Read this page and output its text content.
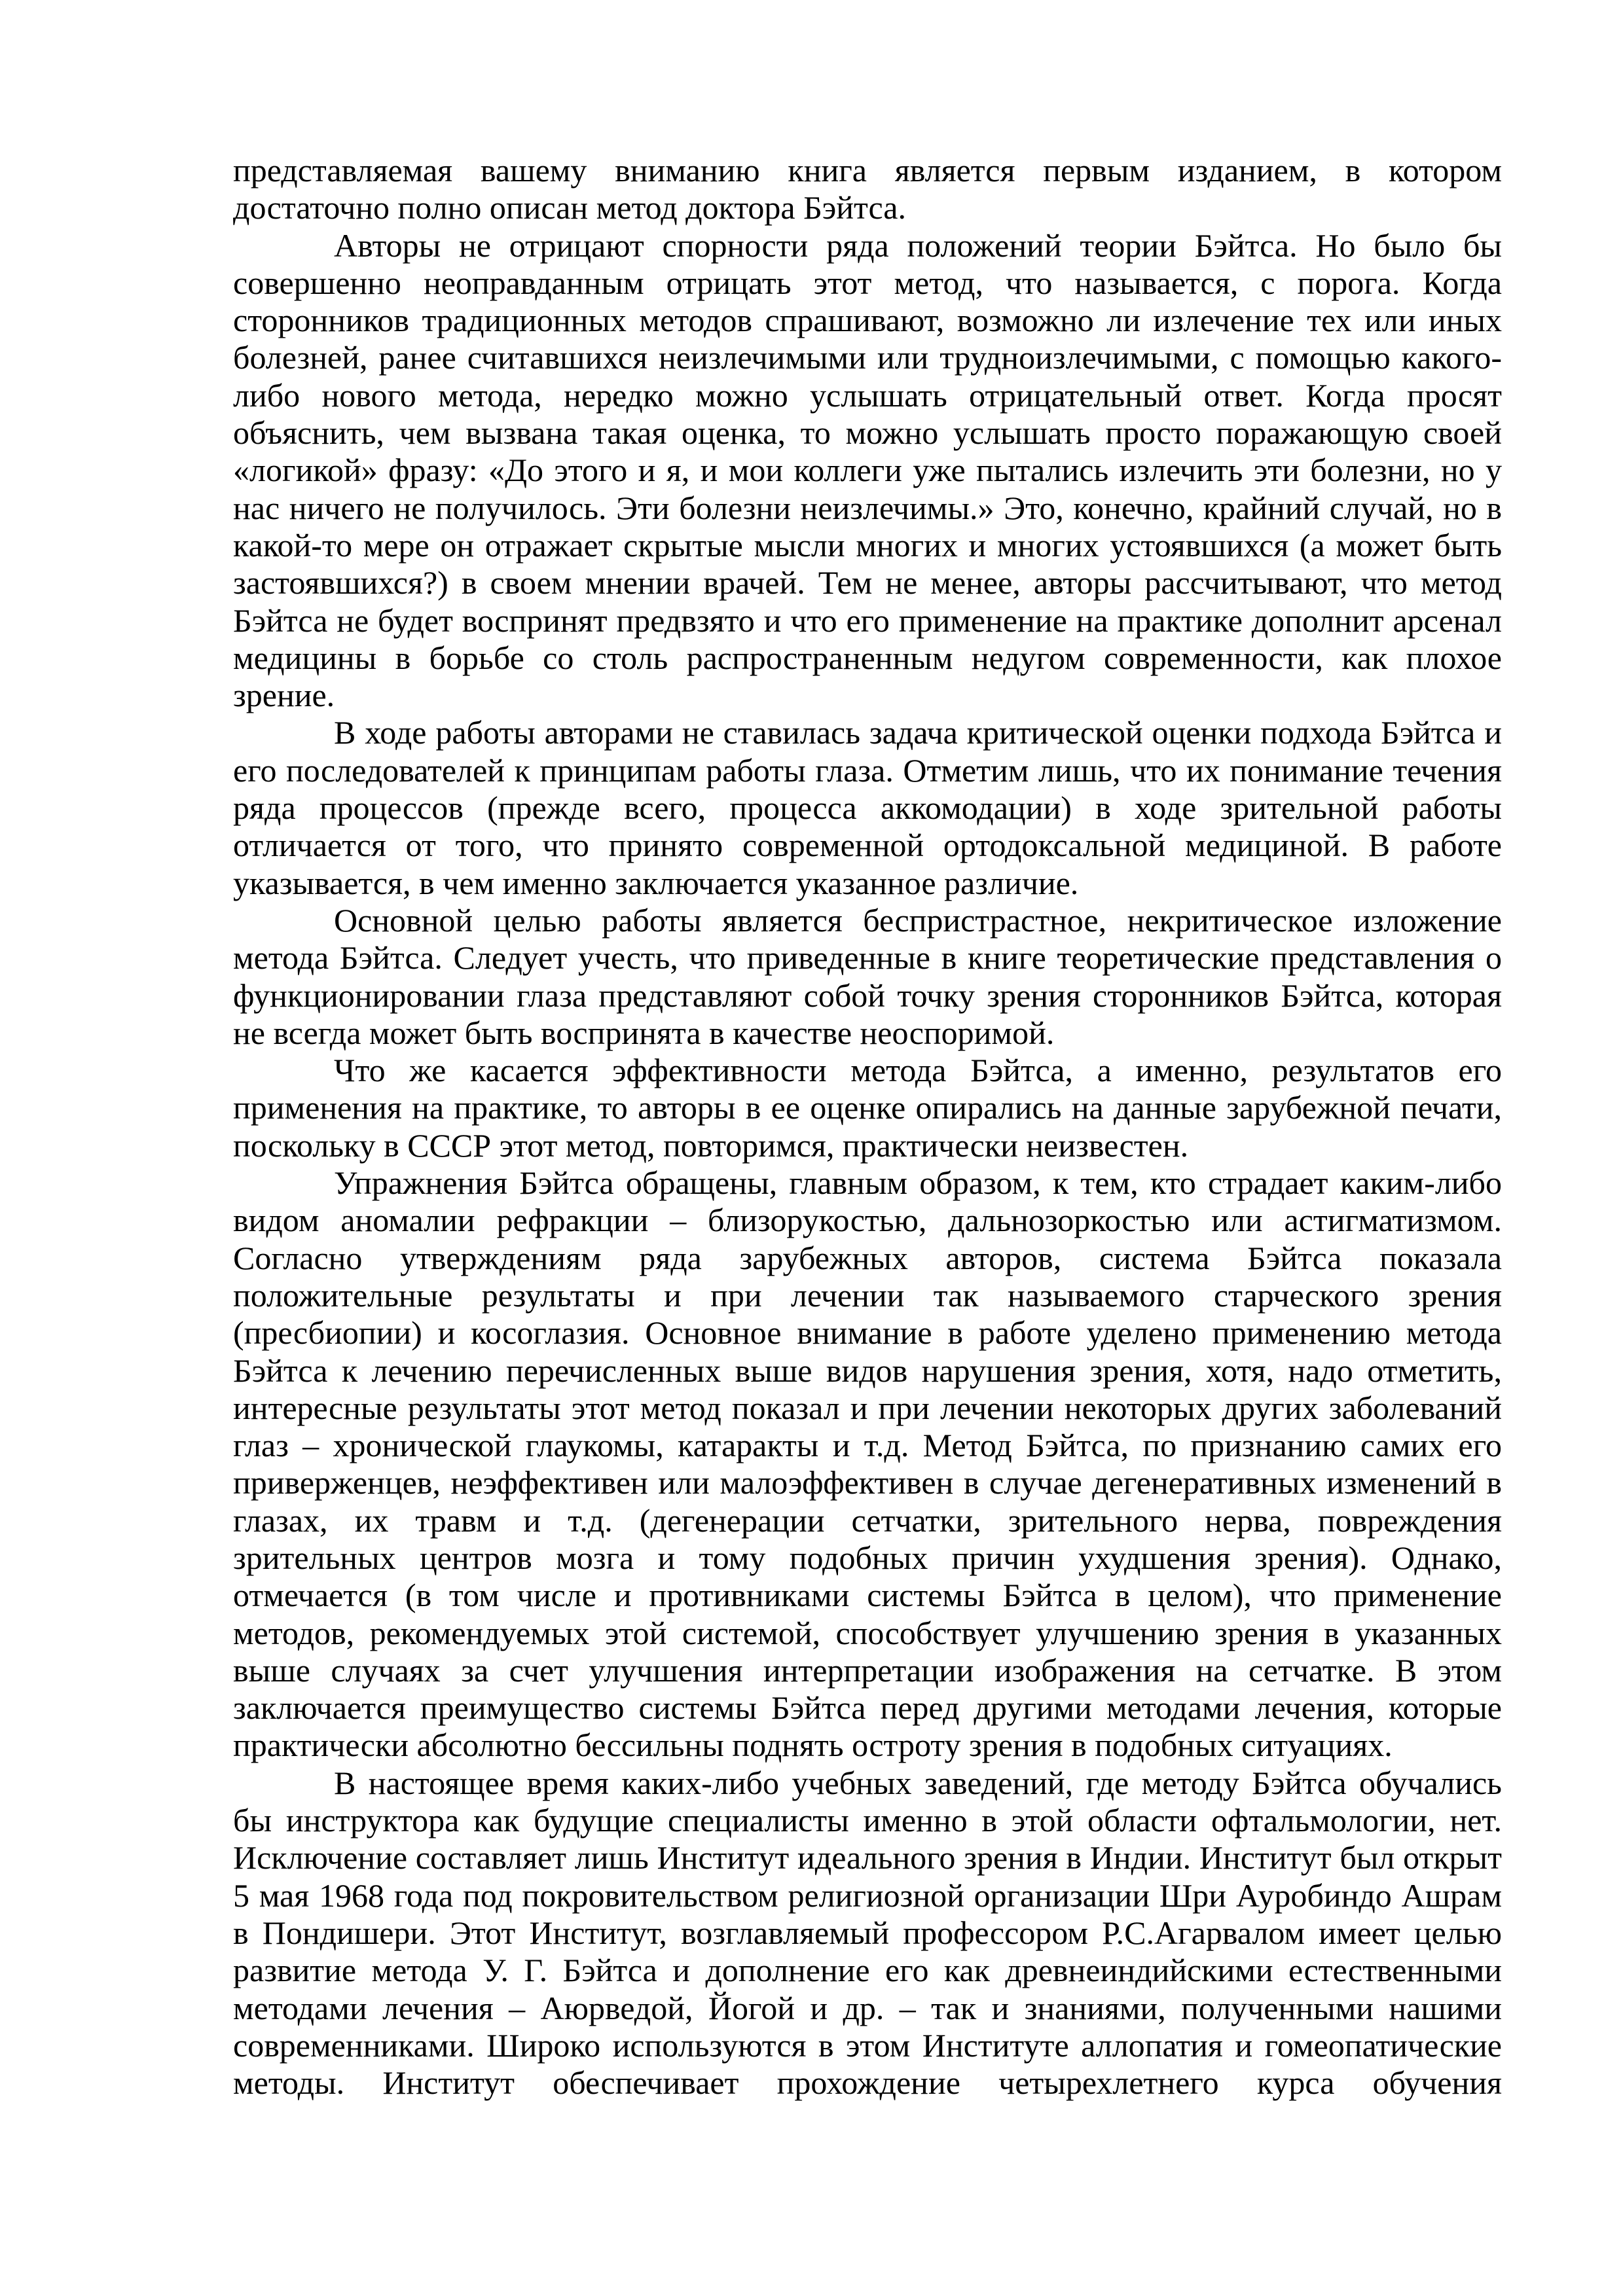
представляемая вашему вниманию книга является первым изданием, в котором достаточно полно описан метод доктора Бэйтса.

Авторы не отрицают спорности ряда положений теории Бэйтса. Но было бы совершенно неоправданным отрицать этот метод, что называется, с порога. Когда сторонников традиционных методов спрашивают, возможно ли излечение тех или иных болезней, ранее считавшихся неизлечимыми или трудноизлечимыми, с помощью какого-либо нового метода, нередко можно услышать отрицательный ответ. Когда просят объяснить, чем вызвана такая оценка, то можно услышать просто поражающую своей «логикой» фразу: «До этого и я, и мои коллеги уже пытались излечить эти болезни, но у нас ничего не получилось. Эти болезни неизлечимы.» Это, конечно, крайний случай, но в какой-то мере он отражает скрытые мысли многих и многих устоявшихся (а может быть застоявшихся?) в своем мнении врачей. Тем не менее, авторы рассчитывают, что метод Бэйтса не будет воспринят предвзято и что его применение на практике дополнит арсенал медицины в борьбе со столь распространенным недугом современности, как плохое зрение.

В ходе работы авторами не ставилась задача критической оценки подхода Бэйтса и его последователей к принципам работы глаза. Отметим лишь, что их понимание течения ряда процессов (прежде всего, процесса аккомодации) в ходе зрительной работы отличается от того, что принято современной ортодоксальной медициной. В работе указывается, в чем именно заключается указанное различие.

Основной целью работы является беспристрастное, некритическое изложение метода Бэйтса. Следует учесть, что приведенные в книге теоретические представления о функционировании глаза представляют собой точку зрения сторонников Бэйтса, которая не всегда может быть воспринята в качестве неоспоримой.

Что же касается эффективности метода Бэйтса, а именно, результатов его применения на практике, то авторы в ее оценке опирались на данные зарубежной печати, поскольку в СССР этот метод, повторимся, практически неизвестен.

Упражнения Бэйтса обращены, главным образом, к тем, кто страдает каким-либо видом аномалии рефракции – близорукостью, дальнозоркостью или астигматизмом. Согласно утверждениям ряда зарубежных авторов, система Бэйтса показала положительные результаты и при лечении так называемого старческого зрения (пресбиопии) и косоглазия. Основное внимание в работе уделено применению метода Бэйтса к лечению перечисленных выше видов нарушения зрения, хотя, надо отметить, интересные результаты этот метод показал и при лечении некоторых других заболеваний глаз – хронической глаукомы, катаракты и т.д. Метод Бэйтса, по признанию самих его приверженцев, неэффективен или малоэффективен в случае дегенеративных изменений в глазах, их травм и т.д. (дегенерации сетчатки, зрительного нерва, повреждения зрительных центров мозга и тому подобных причин ухудшения зрения). Однако, отмечается (в том числе и противниками системы Бэйтса в целом), что применение методов, рекомендуемых этой системой, способствует улучшению зрения в указанных выше случаях за счет улучшения интерпретации изображения на сетчатке. В этом заключается преимущество системы Бэйтса перед другими методами лечения, которые практически абсолютно бессильны поднять остроту зрения в подобных ситуациях.

В настоящее время каких-либо учебных заведений, где методу Бэйтса обучались бы инструктора как будущие специалисты именно в этой области офтальмологии, нет. Исключение составляет лишь Институт идеального зрения в Индии. Институт был открыт 5 мая 1968 года под покровительством религиозной организации Шри Ауробиндо Ашрам в Пондишери. Этот Институт, возглавляемый профессором Р.С.Агарвалом имеет целью развитие метода У. Г. Бэйтса и дополнение его как древнеиндийскими естественными методами лечения – Аюрведой, Йогой и др. – так и знаниями, полученными нашими современниками. Широко используются в этом Институте аллопатия и гомеопатические методы. Институт обеспечивает прохождение четырехлетнего курса обучения
